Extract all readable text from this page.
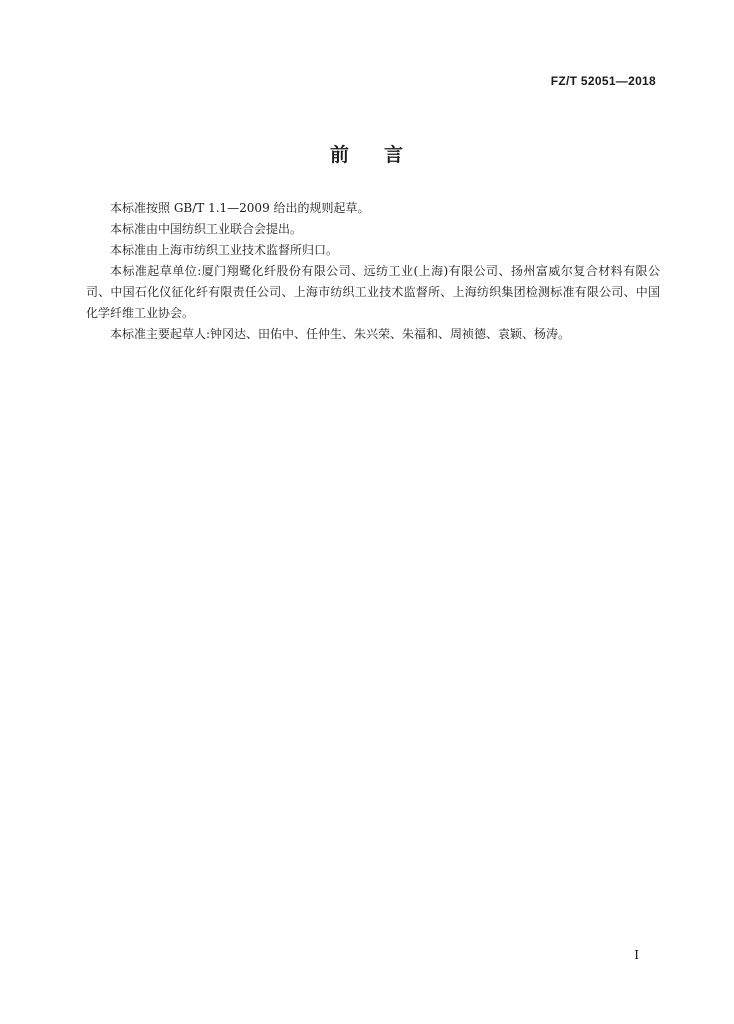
FZ/T 52051—2018
前 言

本标准按照 GB/T 1.1—2009 给出的规则起草。

本标准由中国纺织工业联合会提出。

本标准由上海市纺织工业技术监督所归口。

本标准起草单位:厦门翔鹭化纤股份有限公司、远纺工业(上海)有限公司、扬州富威尔复合材料有限公司、中国石化仪征化纤有限责任公司、上海市纺织工业技术监督所、上海纺织集团检测标准有限公司、中国化学纤维工业协会。

本标准主要起草人:钟冈达、田佑中、任仲生、朱兴荣、朱福和、周祯德、袁颖、杨涛。

I
